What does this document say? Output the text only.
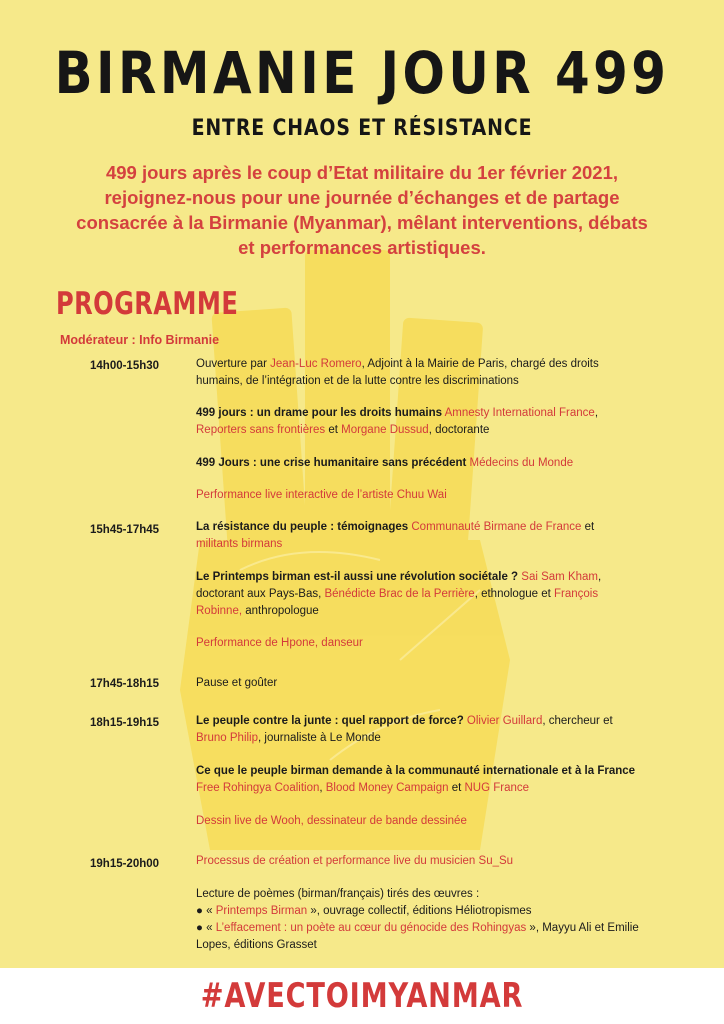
BIRMANIE JOUR 499
ENTRE CHAOS ET RÉSISTANCE
499 jours après le coup d’Etat militaire du 1er février 2021, rejoignez-nous pour une journée d’échanges et de partage consacrée à la Birmanie (Myanmar), mêlant interventions, débats et performances artistiques.
PROGRAMME
Modérateur : Info Birmanie
14h00-15h30	Ouverture par Jean-Luc Romero, Adjoint à la Mairie de Paris, chargé des droits humains, de l’intégration et de la lutte contre les discriminations
499 jours : un drame pour les droits humains Amnesty International France,
Reporters sans frontières et Morgane Dussud, doctorante
499 Jours : une crise humanitaire sans précédent Médecins du Monde
Performance live interactive de l’artiste Chuu Wai
15h45-17h45	La résistance du peuple : témoignages Communauté Birmane de France et
militants birmans
Le Printemps birman est-il aussi une révolution sociétale ? Sai Sam Kham, doctorant aux Pays-Bas, Bénédicte Brac de la Perrière, ethnologue et François Robinne, anthropologue
Performance de Hpone, danseur
17h45-18h15	Pause et goûter
18h15-19h15	Le peuple contre la junte : quel rapport de force? Olivier Guillard, chercheur et
Bruno Philip, journaliste à Le Monde
Ce que le peuple birman demande à la communauté internationale et à la France Free Rohingya Coalition, Blood Money Campaign et NUG France
Dessin live de Wooh, dessinateur de bande dessinée
19h15-20h00	Processus de création et performance live du musicien Su_Su
Lecture de poèmes (birman/français) tirés des œuvres :
● « Printemps Birman », ouvrage collectif, éditions Héliotropismes
● « L’effacement : un poète au cœur du génocide des Rohingyas », Mayyu Ali et Emilie Lopes, éditions Grasset
#AVECTOIMYANMAR
